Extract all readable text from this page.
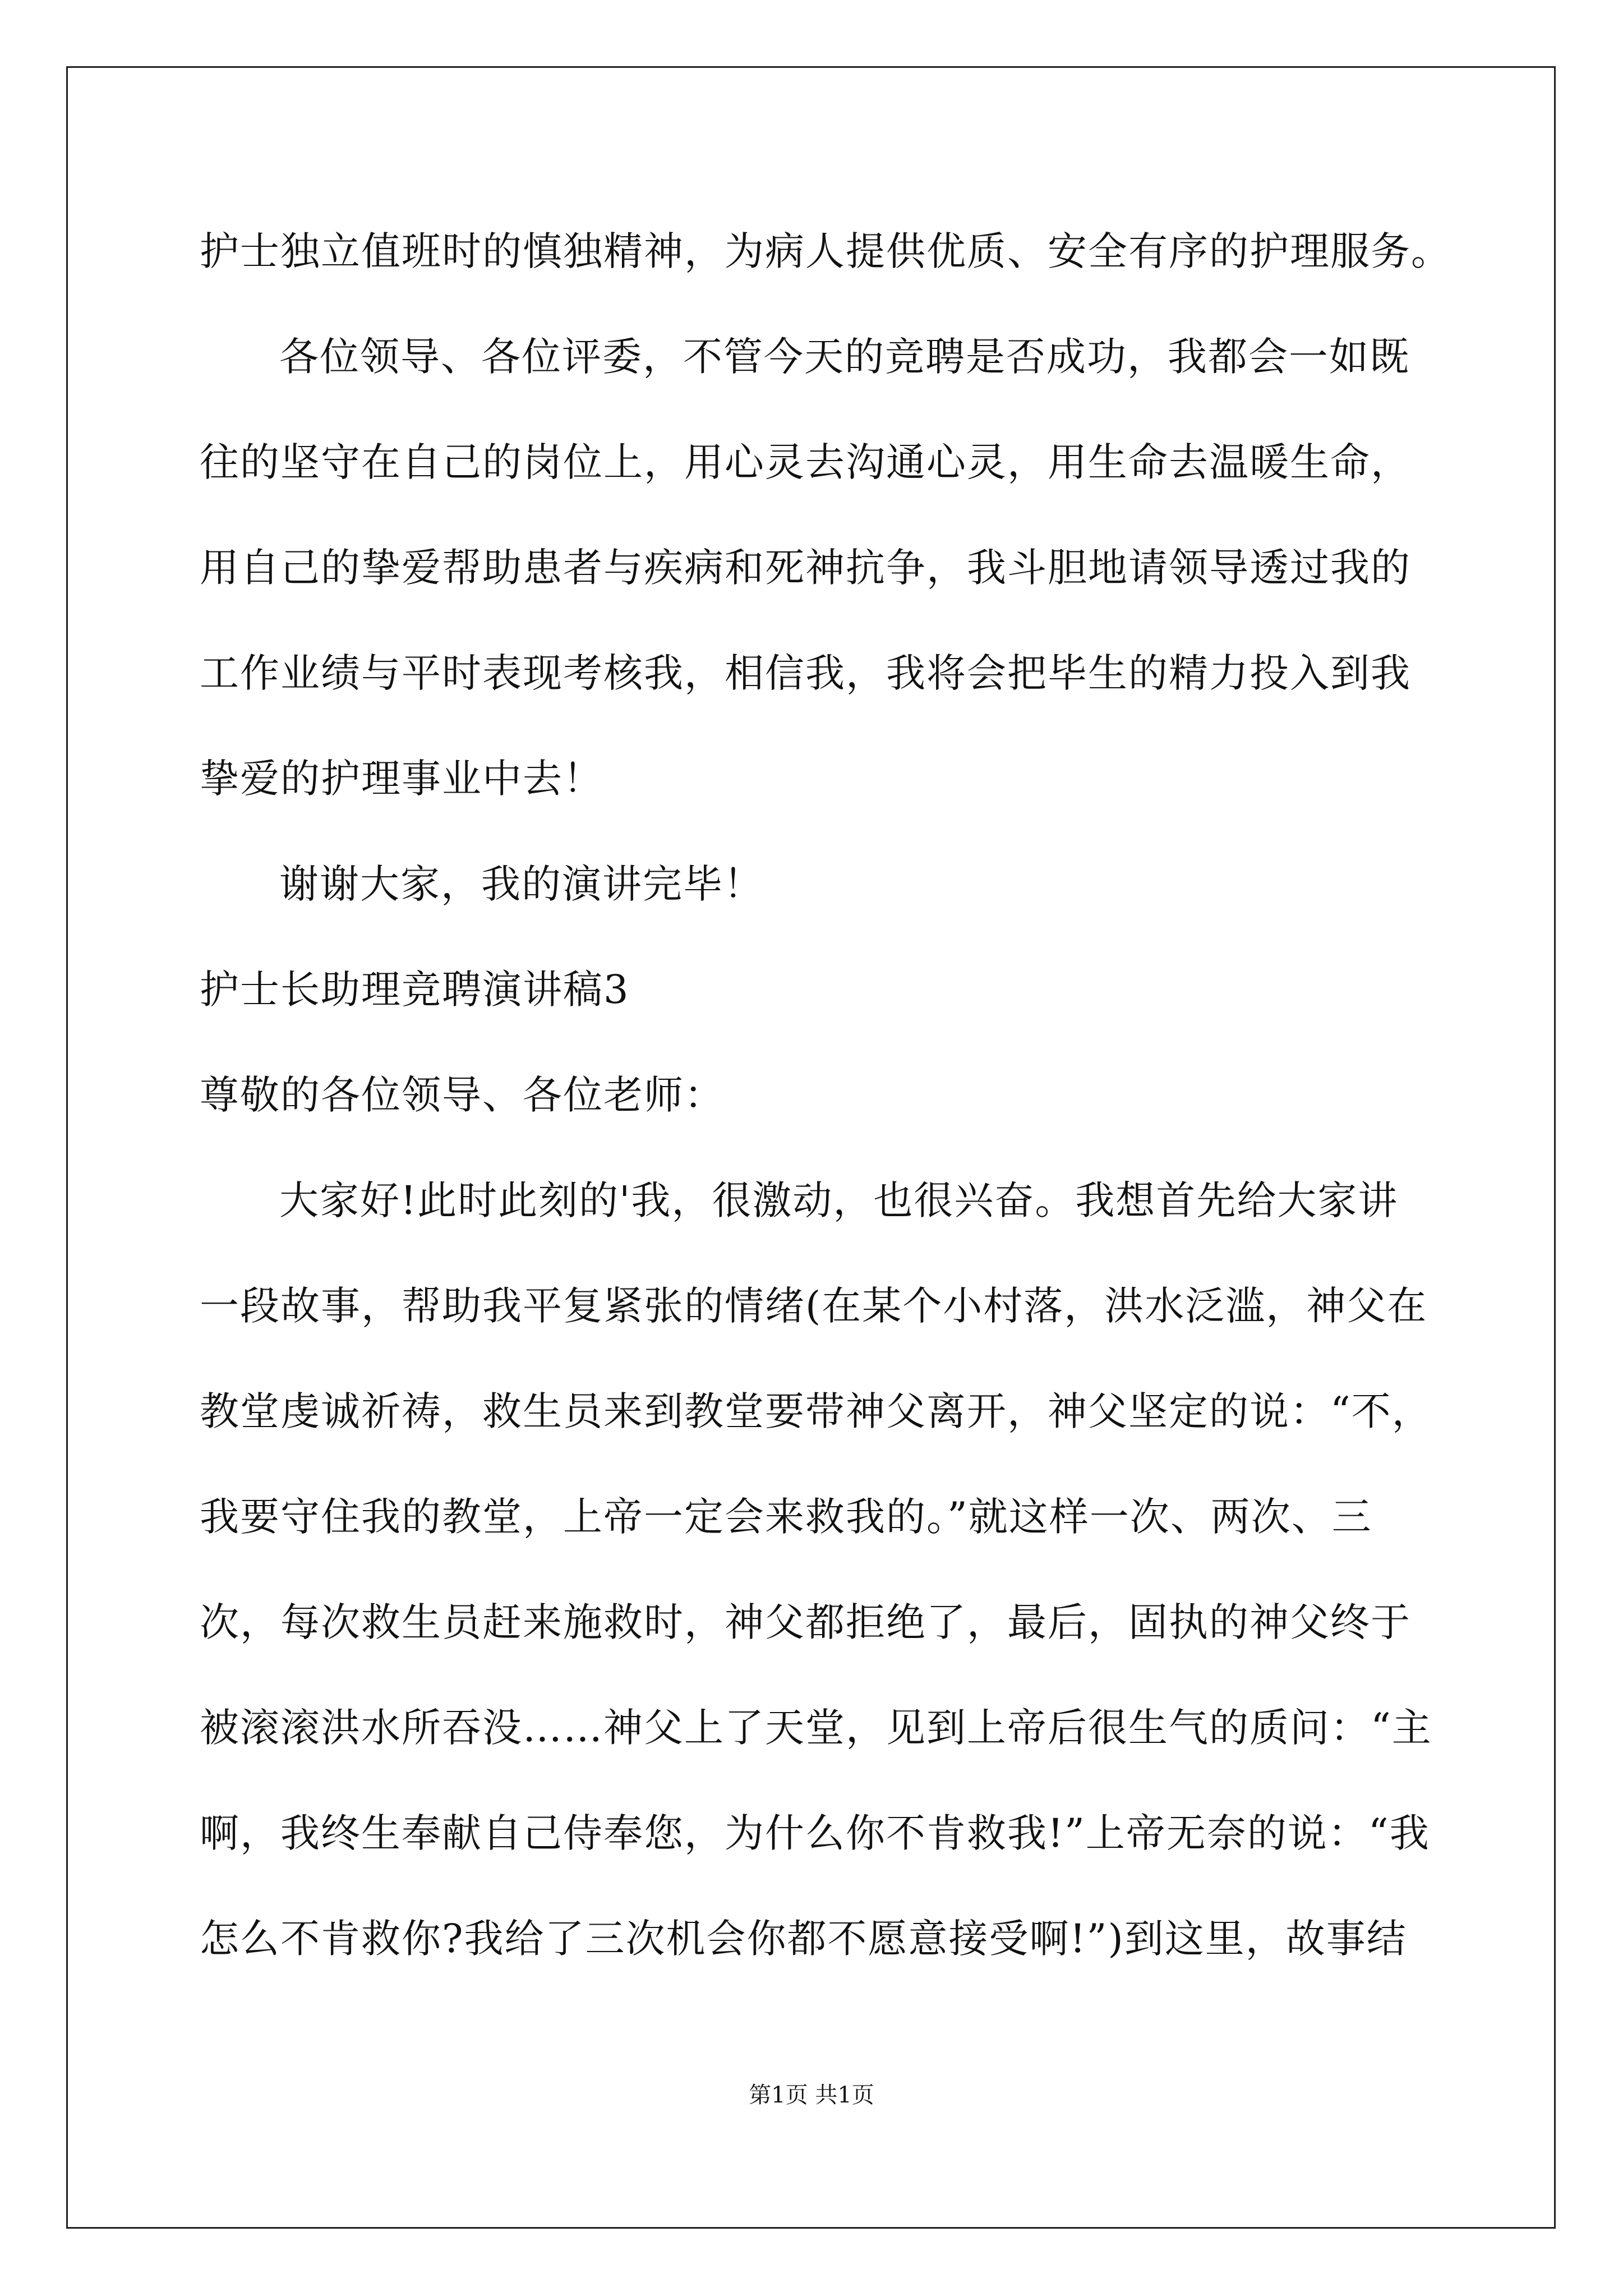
护士独立值班时的慎独精神，为病人提供优质、安全有序的护理服务。
各位领导、各位评委，不管今天的竞聘是否成功，我都会一如既
往的坚守在自己的岗位上，用心灵去沟通心灵，用生命去温暖生命，
用自己的挚爱帮助患者与疾病和死神抗争，我斗胆地请领导透过我的
工作业绩与平时表现考核我，相信我，我将会把毕生的精力投入到我
挚爱的护理事业中去！
谢谢大家，我的演讲完毕！
护士长助理竞聘演讲稿3
尊敬的各位领导、各位老师：
大家好!此时此刻的'我，很激动，也很兴奋。我想首先给大家讲
一段故事，帮助我平复紧张的情绪(在某个小村落，洪水泛滥，神父在
教堂虔诚祈祷，救生员来到教堂要带神父离开，神父坚定的说：“不，
我要守住我的教堂，上帝一定会来救我的。”就这样一次、两次、三
次，每次救生员赶来施救时，神父都拒绝了，最后，固执的神父终于
被滚滚洪水所吞没……神父上了天堂，见到上帝后很生气的质问：“主
啊，我终生奉献自己侍奉您，为什么你不肯救我!”上帝无奈的说：“我
怎么不肯救你?我给了三次机会你都不愿意接受啊!”)到这里，故事结
第1页 共1页
